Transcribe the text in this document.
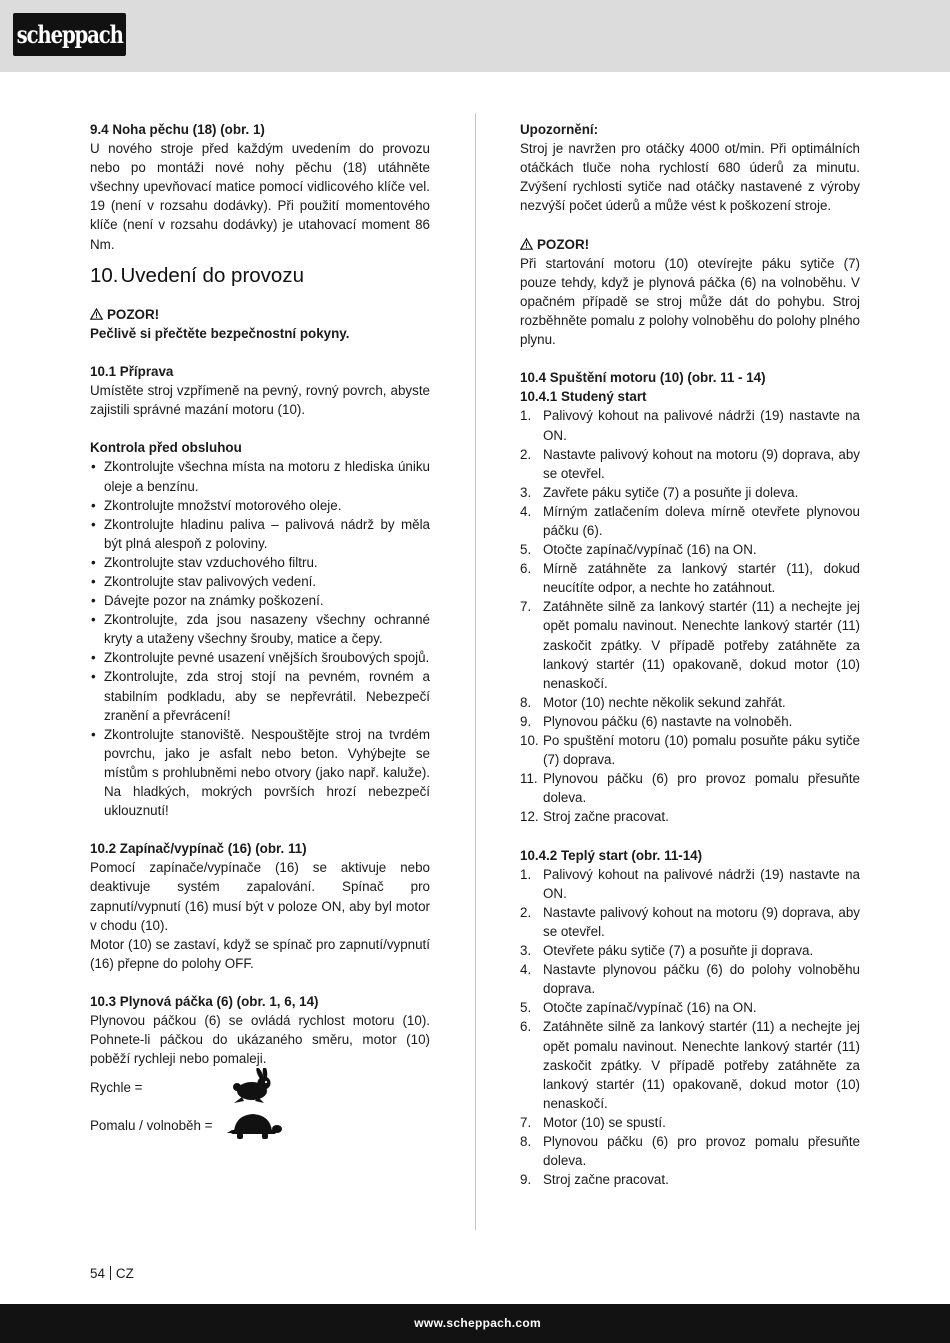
scheppach
9.4 Noha pěchu (18) (obr. 1)
U nového stroje před každým uvedením do provozu nebo po montáži nové nohy pěchu (18) utáhněte všechny upevňovací matice pomocí vidlicového klíče vel. 19 (není v rozsahu dodávky). Při použití momentového klíče (není v rozsahu dodávky) je utahovací moment 86 Nm.
10.Uvedení do provozu
POZOR!
Pečlivě si přečtěte bezpečnostní pokyny.
10.1 Příprava
Umístěte stroj vzpřímeně na pevný, rovný povrch, abyste zajistili správné mazání motoru (10).
Kontrola před obsluhou
• Zkontrolujte všechna místa na motoru z hlediska úniku oleje a benzínu.
• Zkontrolujte množství motorového oleje.
• Zkontrolujte hladinu paliva – palivová nádrž by měla být plná alespoň z poloviny.
• Zkontrolujte stav vzduchového filtru.
• Zkontrolujte stav palivových vedení.
• Dávejte pozor na známky poškození.
• Zkontrolujte, zda jsou nasazeny všechny ochranné kryty a utaženy všechny šrouby, matice a čepy.
• Zkontrolujte pevné usazení vnějších šroubových spojů.
• Zkontrolujte, zda stroj stojí na pevném, rovném a stabilním podkladu, aby se nepřevrátil. Nebezpečí zranění a převrácení!
• Zkontrolujte stanoviště. Nespouštějte stroj na tvrdém povrchu, jako je asfalt nebo beton. Vyhýbejte se místům s prohlubněmi nebo otvory (jako např. kaluže). Na hladkých, mokrých površích hrozí nebezpečí uklouznutí!
10.2 Zapínač/vypínač (16) (obr. 11)
Pomocí zapínače/vypínače (16) se aktivuje nebo deaktivuje systém zapalování. Spínač pro zapnutí/vypnutí (16) musí být v poloze ON, aby byl motor v chodu (10).
Motor (10) se zastaví, když se spínač pro zapnutí/vypnutí (16) přepne do polohy OFF.
10.3 Plynová páčka (6) (obr. 1, 6, 14)
Plynovou páčkou (6) se ovládá rychlost motoru (10). Pohnete-li páčkou do ukázaného směru, motor (10) poběží rychleji nebo pomaleji.
Rychle =
Pomalu / volnoběh =
Upozornění:
Stroj je navržen pro otáčky 4000 ot/min. Při optimálních otáčkách tluče noha rychlostí 680 úderů za minutu. Zvýšení rychlosti sytiče nad otáčky nastavené z výroby nezvýší počet úderů a může vést k poškození stroje.
POZOR!
Při startování motoru (10) otevírejte páku sytiče (7) pouze tehdy, když je plynová páčka (6) na volnoběhu. V opačném případě se stroj může dát do pohybu. Stroj rozběhněte pomalu z polohy volnoběhu do polohy plného plynu.
10.4 Spuštění motoru (10) (obr. 11 - 14)
10.4.1 Studený start
1. Palivový kohout na palivové nádrži (19) nastavte na ON.
2. Nastavte palivový kohout na motoru (9) doprava, aby se otevřel.
3. Zavřete páku sytiče (7) a posuňte ji doleva.
4. Mírným zatlačením doleva mírně otevřete plynovou páčku (6).
5. Otočte zapínač/vypínač (16) na ON.
6. Mírně zatáhněte za lankový startér (11), dokud neucítíte odpor, a nechte ho zatáhnout.
7. Zatáhněte silně za lankový startér (11) a nechejte jej opět pomalu navinout. Nenechte lankový startér (11) zaskočit zpátky. V případě potřeby zatáhněte za lankový startér (11) opakovaně, dokud motor (10) nenaskočí.
8. Motor (10) nechte několik sekund zahřát.
9. Plynovou páčku (6) nastavte na volnoběh.
10. Po spuštění motoru (10) pomalu posuňte páku sytiče (7) doprava.
11. Plynovou páčku (6) pro provoz pomalu přesuňte doleva.
12. Stroj začne pracovat.
10.4.2 Teplý start (obr. 11-14)
1. Palivový kohout na palivové nádrži (19) nastavte na ON.
2. Nastavte palivový kohout na motoru (9) doprava, aby se otevřel.
3. Otevřete páku sytiče (7) a posuňte ji doprava.
4. Nastavte plynovou páčku (6) do polohy volnoběhu doprava.
5. Otočte zapínač/vypínač (16) na ON.
6. Zatáhněte silně za lankový startér (11) a nechejte jej opět pomalu navinout. Nenechte lankový startér (11) zaskočit zpátky. V případě potřeby zatáhněte za lankový startér (11) opakovaně, dokud motor (10) nenaskočí.
7. Motor (10) se spustí.
8. Plynovou páčku (6) pro provoz pomalu přesuňte doleva.
9. Stroj začne pracovat.
54 CZ
www.scheppach.com
